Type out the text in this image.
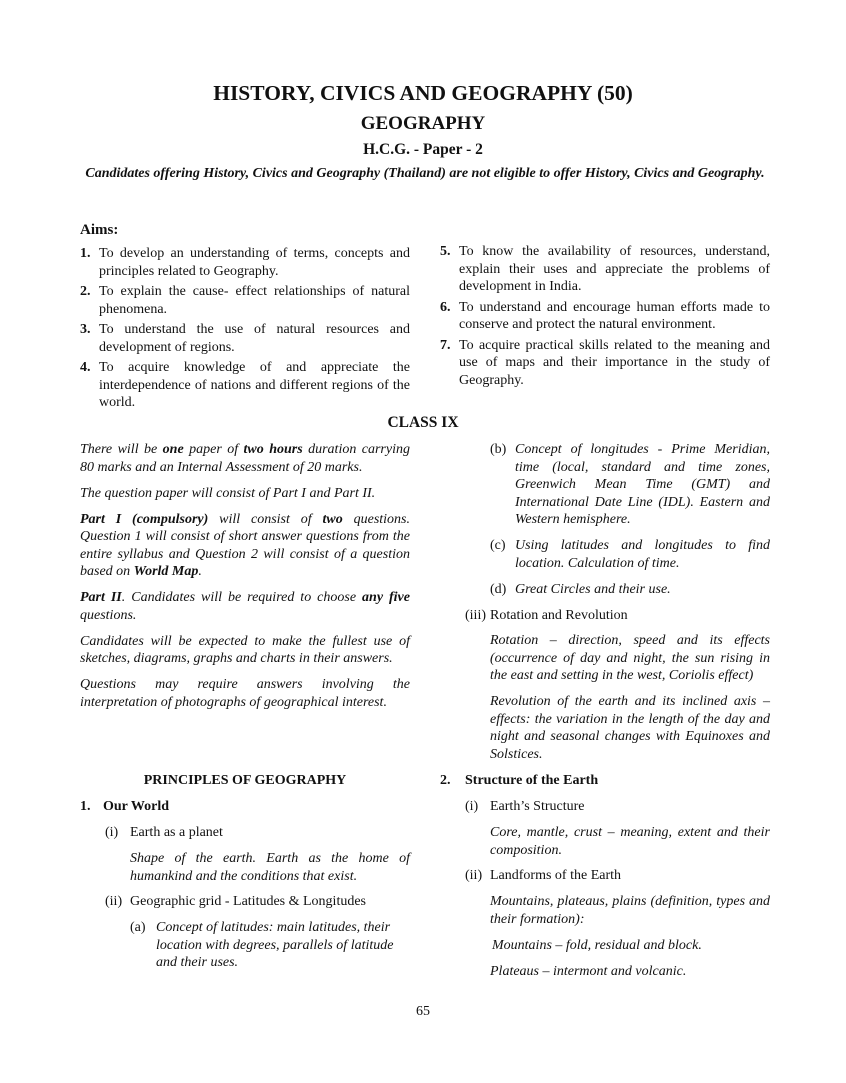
HISTORY, CIVICS AND GEOGRAPHY (50)
GEOGRAPHY
H.C.G. - Paper - 2
Candidates offering History, Civics and Geography (Thailand) are not eligible to offer History, Civics and Geography.
Aims:
1. To develop an understanding of terms, concepts and principles related to Geography.
2. To explain the cause- effect relationships of natural phenomena.
3. To understand the use of natural resources and development of regions.
4. To acquire knowledge of and appreciate the interdependence of nations and different regions of the world.
5. To know the availability of resources, understand, explain their uses and appreciate the problems of development in India.
6. To understand and encourage human efforts made to conserve and protect the natural environment.
7. To acquire practical skills related to the meaning and use of maps and their importance in the study of Geography.
CLASS IX

There will be one paper of two hours duration carrying 80 marks and an Internal Assessment of 20 marks.

The question paper will consist of Part I and Part II.

Part I (compulsory) will consist of two questions. Question 1 will consist of short answer questions from the entire syllabus and Question 2 will consist of a question based on World Map.

Part II. Candidates will be required to choose any five questions.

Candidates will be expected to make the fullest use of sketches, diagrams, graphs and charts in their answers.

Questions may require answers involving the interpretation of photographs of geographical interest.

PRINCIPLES OF GEOGRAPHY
1. Our World
(i) Earth as a planet
Shape of the earth. Earth as the home of humankind and the conditions that exist.
(ii) Geographic grid - Latitudes & Longitudes
(a) Concept of latitudes: main latitudes, their location with degrees, parallels of latitude and their uses.
(b) Concept of longitudes - Prime Meridian, time (local, standard and time zones, Greenwich Mean Time (GMT) and International Date Line (IDL). Eastern and Western hemisphere.
(c) Using latitudes and longitudes to find location. Calculation of time.
(d) Great Circles and their use.
(iii) Rotation and Revolution
Rotation – direction, speed and its effects (occurrence of day and night, the sun rising in the east and setting in the west, Coriolis effect)
Revolution of the earth and its inclined axis – effects: the variation in the length of the day and night and seasonal changes with Equinoxes and Solstices.
2. Structure of the Earth
(i) Earth’s Structure
Core, mantle, crust – meaning, extent and their composition.
(ii) Landforms of the Earth
Mountains, plateaus, plains (definition, types and their formation):
Mountains – fold, residual and block.
Plateaus – intermont and volcanic.
65
